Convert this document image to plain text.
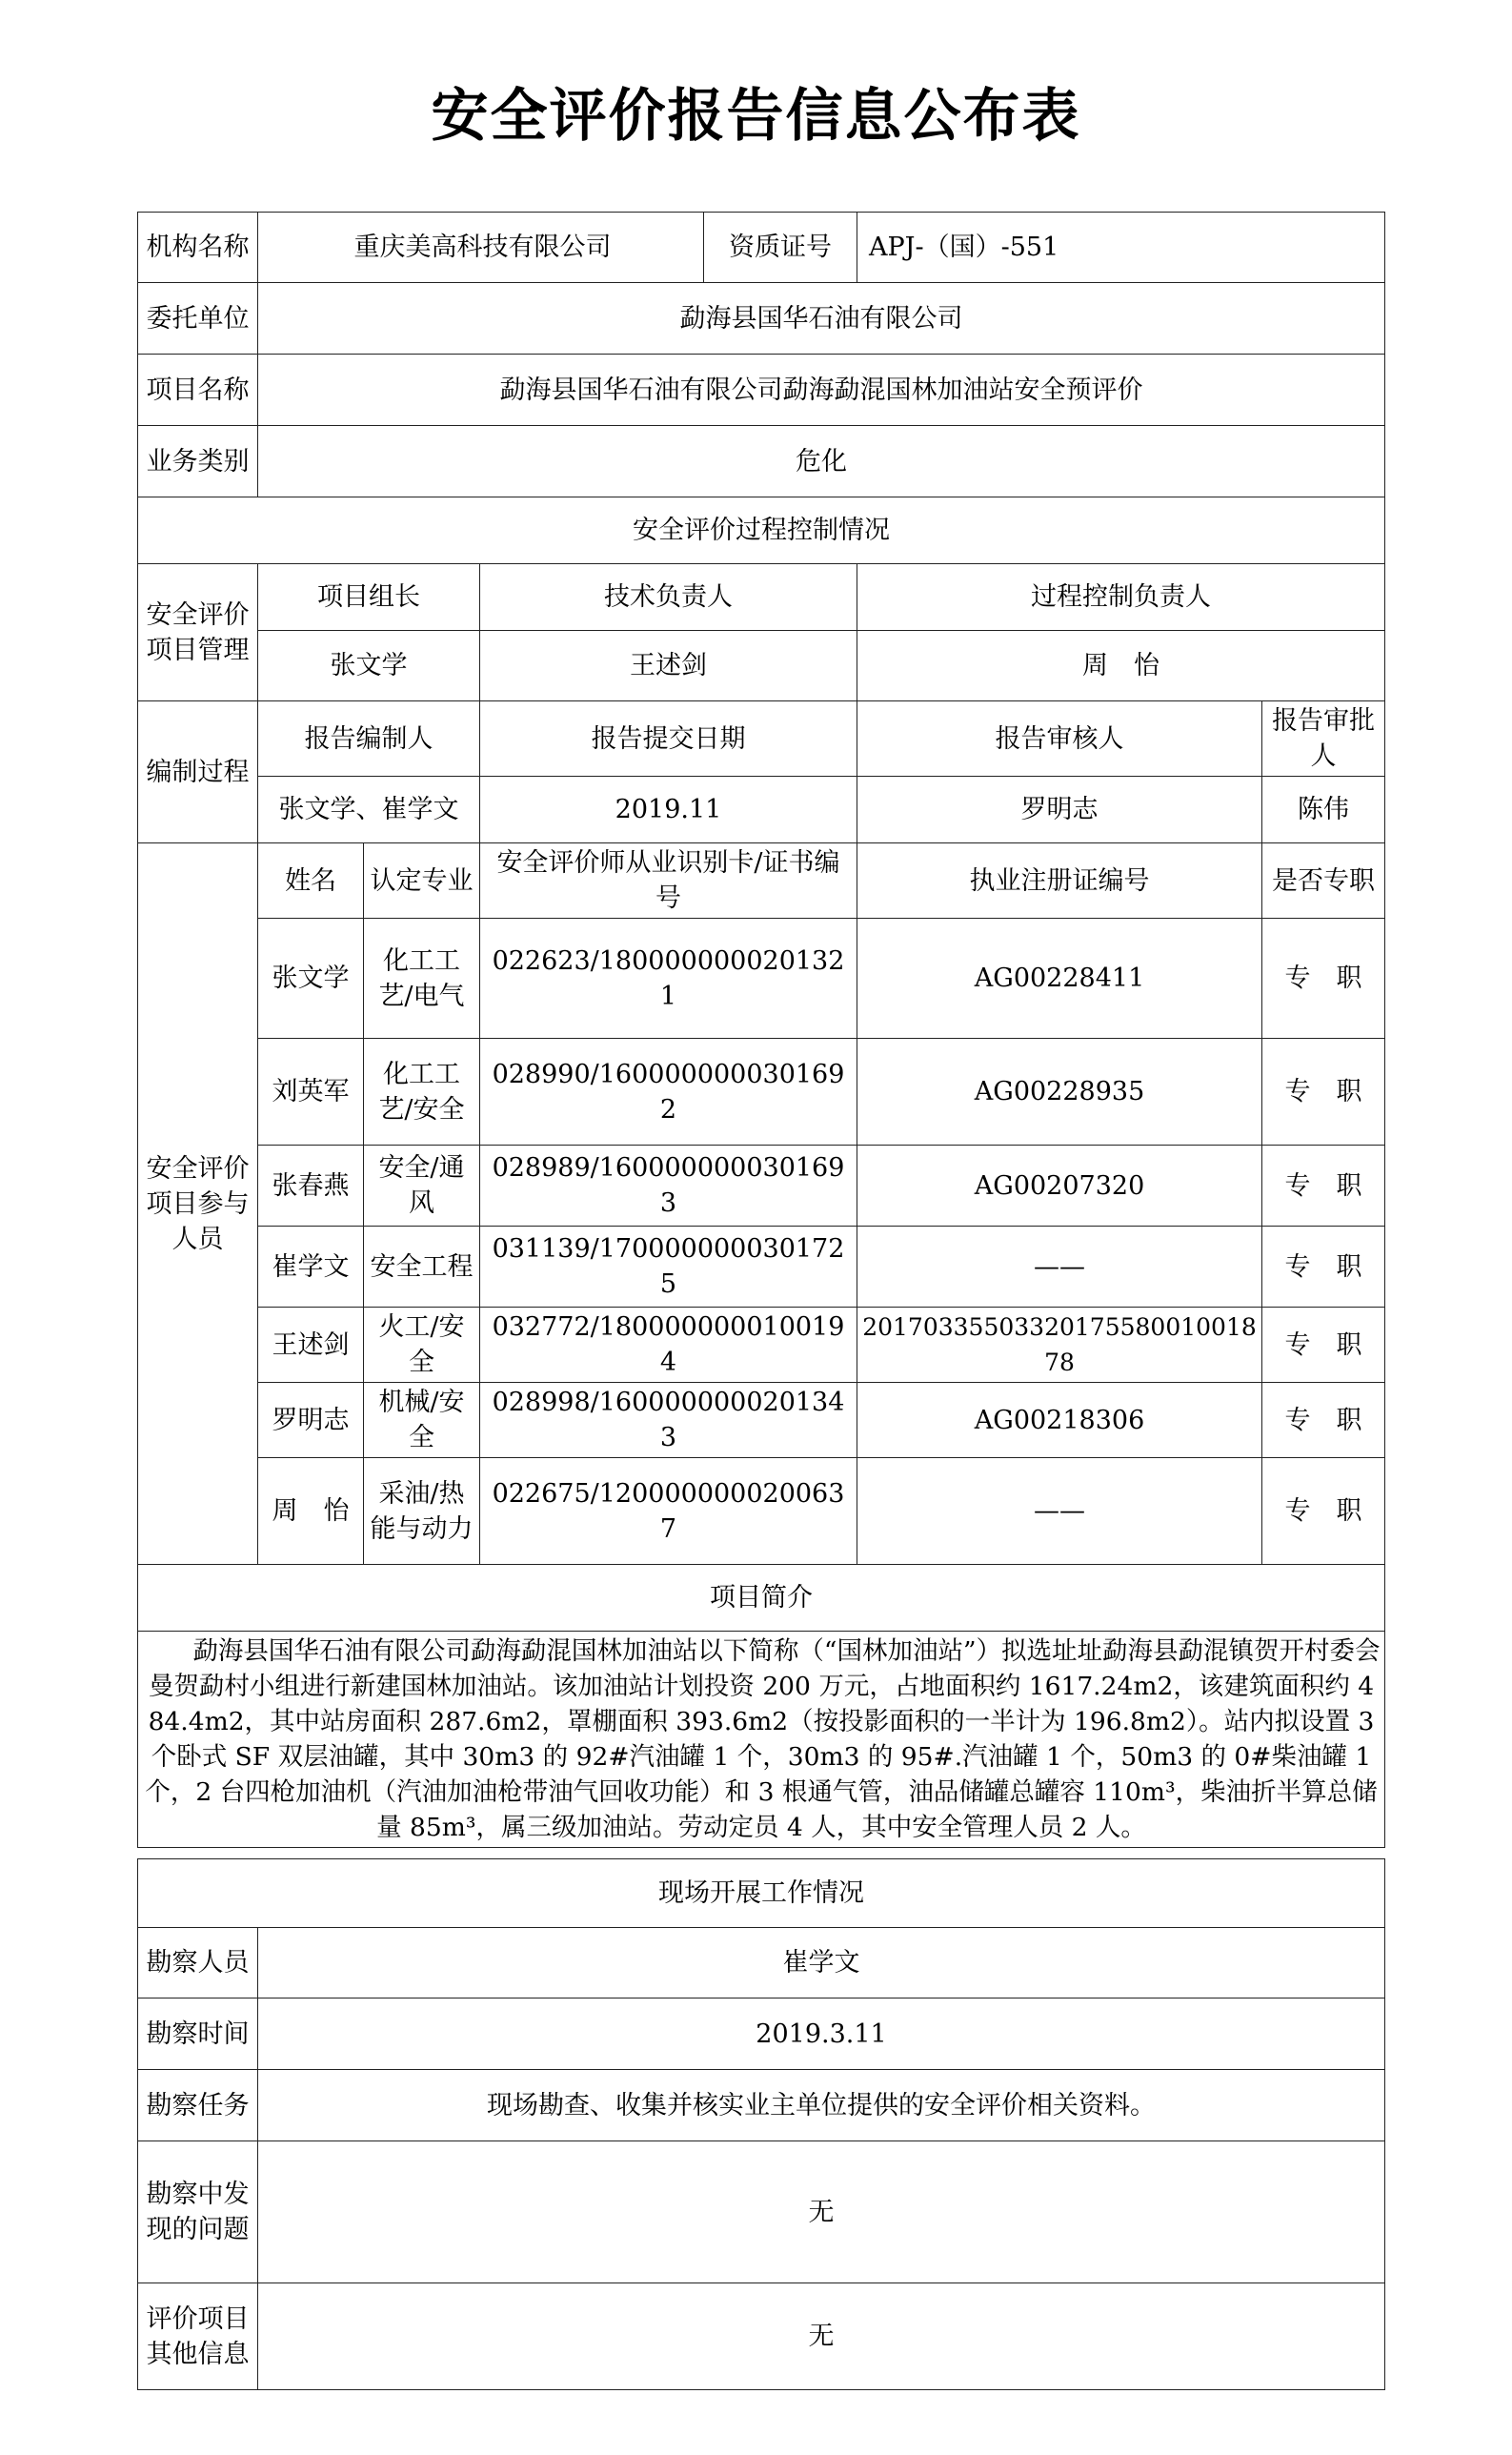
安全评价报告信息公布表
机构名称	重庆美高科技有限公司 资质证号			APJ-（国）-551	
委托单位	勐海县国华石油有限公司				
项目名称	勐海县国华石油有限公司勐海勐混国林加油站安全预评价				
业务类别	危化				
安全评价过程控制情况					
安全评价项目管理	项目组长		技术负责人	过程控制负责人	
	张文学		王述剑	周　怡	
编制过程	报告编制人		报告提交日期	报告审核人	报告审批人
	张文学、崔学文		2019.11	罗明志	陈伟
安全评价项目参与人员	姓名	认定专业	安全评价师从业识别卡/证书编号	执业注册证编号	是否专职
	张文学	化工工艺/电气	022623/1800000000201321	AG00228411	专　职
	刘英军	化工工艺/安全	028990/1600000000301692	AG00228935	专　职
	张春燕	安全/通风	028989/1600000000301693	AG00207320	专　职
	崔学文	安全工程	031139/1700000000301725	——	专　职
	王述剑	火工/安全	032772/1800000000100194	2017033550332017558001001878	专　职
	罗明志	机械/安全	028998/1600000000201343	AG00218306	专　职
	周　怡	采油/热能与动力	022675/1200000000200637	——	专　职
项目简介					
勐海县国华石油有限公司勐海勐混国林加油站以下简称（“国林加油站”）拟选址址勐海县勐混镇贺开村委会曼贺勐村小组进行新建国林加油站。该加油站计划投资 200 万元，占地面积约 1617.24m2，该建筑面积约 484.4m2，其中站房面积 287.6m2，罩棚面积 393.6m2（按投影面积的一半计为 196.8m2）。站内拟设置 3 个卧式 SF 双层油罐，其中 30m3 的 92#汽油罐 1 个，30m3 的 95#.汽油罐 1 个，50m3 的 0#柴油罐 1 个，2 台四枪加油机（汽油加油枪带油气回收功能）和 3 根通气管，油品储罐总罐容 110m³，柴油折半算总储量 85m³，属三级加油站。劳动定员 4 人，其中安全管理人员 2 人。					
现场开展工作情况	
勘察人员	崔学文
勘察时间	2019.3.11
勘察任务	现场勘查、收集并核实业主单位提供的安全评价相关资料。
勘察中发现的问题	无
评价项目其他信息	无
